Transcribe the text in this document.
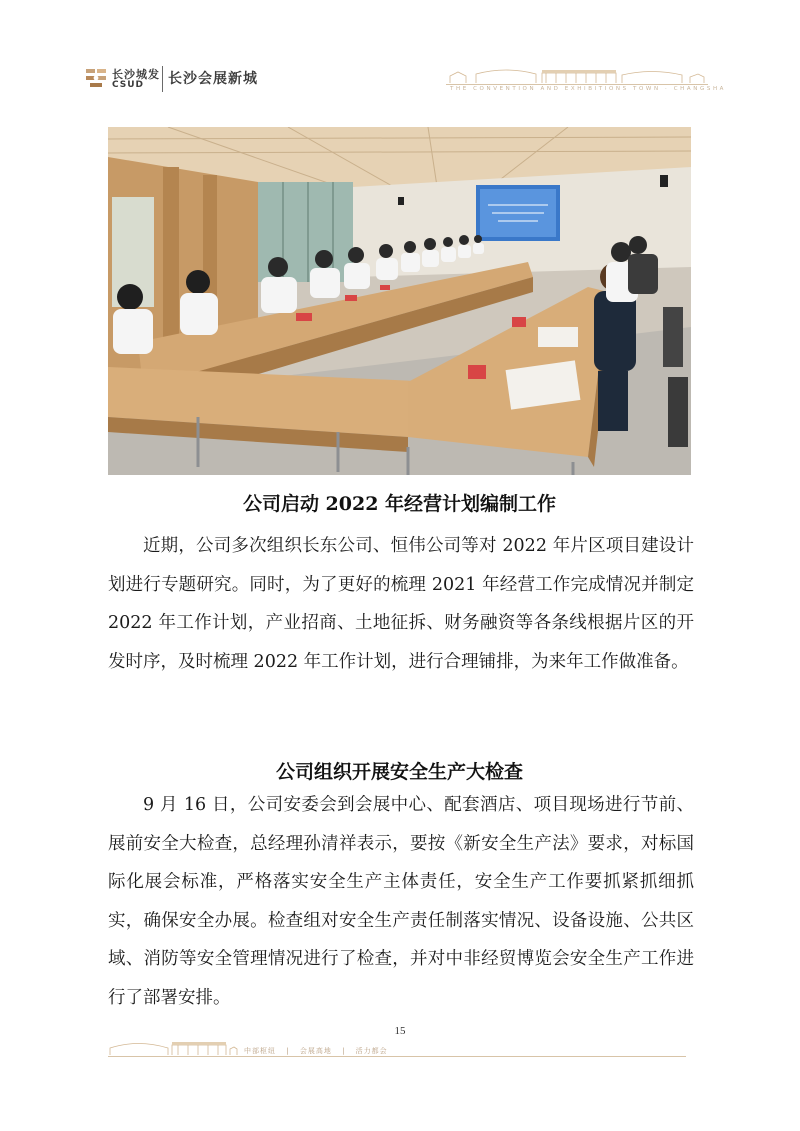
长沙城发
CSUD 长沙会展新城
THE CONVENTION AND EXHIBITIONS TOWN · CHANGSHA
公司启动 2022 年经营计划编制工作

近期，公司多次组织长东公司、恒伟公司等对 2022 年片区项目建设计划进行专题研究。同时，为了更好的梳理 2021 年经营工作完成情况并制定 2022 年工作计划，产业招商、土地征拆、财务融资等各条线根据片区的开发时序，及时梳理 2022 年工作计划，进行合理铺排，为来年工作做准备。

公司组织开展安全生产大检查

9 月 16 日，公司安委会到会展中心、配套酒店、项目现场进行节前、展前安全大检查，总经理孙清祥表示，要按《新安全生产法》要求，对标国际化展会标准，严格落实安全生产主体责任，安全生产工作要抓紧抓细抓实，确保安全办展。检查组对安全生产责任制落实情况、设备设施、公共区域、消防等安全管理情况进行了检查，并对中非经贸博览会安全生产工作进行了部署安排。

15
中部枢纽 | 会展高地 | 活力都会
